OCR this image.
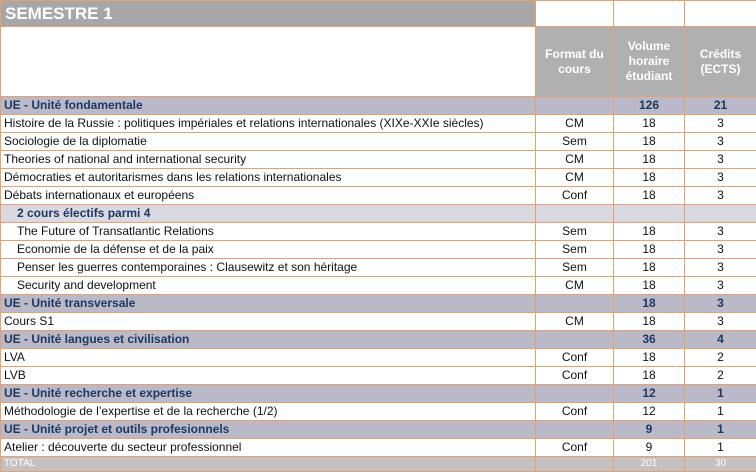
SEMESTRE 1			
	Format du cours	Volume horaire étudiant	Crédits (ECTS)
UE - Unité fondamentale		126	21
Histoire de la Russie : politiques impériales et relations internationales (XIXe-XXIe siècles)	CM	18	3
Sociologie de la diplomatie	Sem	18	3
Theories of national and international security	CM	18	3
Démocraties et autoritarismes dans les relations internationales	CM	18	3
Débats internationaux et européens	Conf	18	3
2 cours électifs parmi 4			
The Future of Transatlantic Relations	Sem	18	3
Economie de la défense et de la paix	Sem	18	3
Penser les guerres contemporaines : Clausewitz et son héritage	Sem	18	3
Security and development	CM	18	3
UE - Unité transversale		18	3
Cours S1	CM	18	3
UE - Unité langues et civilisation		36	4
LVA	Conf	18	2
LVB	Conf	18	2
UE - Unité recherche et expertise		12	1
Méthodologie de l’expertise et de la recherche (1/2)	Conf	12	1
UE - Unité projet et outils profesionnels		9	1
Atelier : découverte du secteur professionnel	Conf	9	1
TOTAL		201	30
